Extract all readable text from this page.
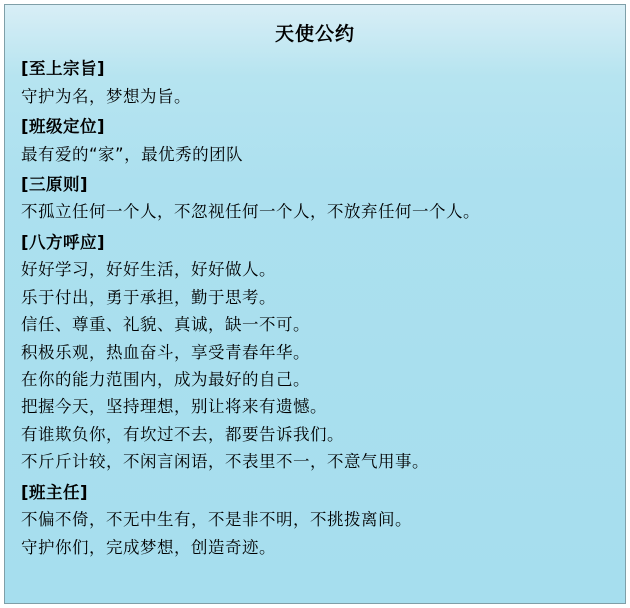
天使公约
[至上宗旨]
守护为名，梦想为旨。
[班级定位]
最有爱的“家”，最优秀的团队
[三原则]
不孤立任何一个人，不忽视任何一个人，不放弃任何一个人。
[八方呼应]
好好学习，好好生活，好好做人。
乐于付出，勇于承担，勤于思考。
信任、尊重、礼貌、真诚，缺一不可。
积极乐观，热血奋斗，享受青春年华。
在你的能力范围内，成为最好的自己。
把握今天，坚持理想，别让将来有遗憾。
有谁欺负你，有坎过不去，都要告诉我们。
不斤斤计较，不闲言闲语，不表里不一，不意气用事。
[班主任]
不偏不倚，不无中生有，不是非不明，不挑拨离间。
守护你们，完成梦想，创造奇迹。
